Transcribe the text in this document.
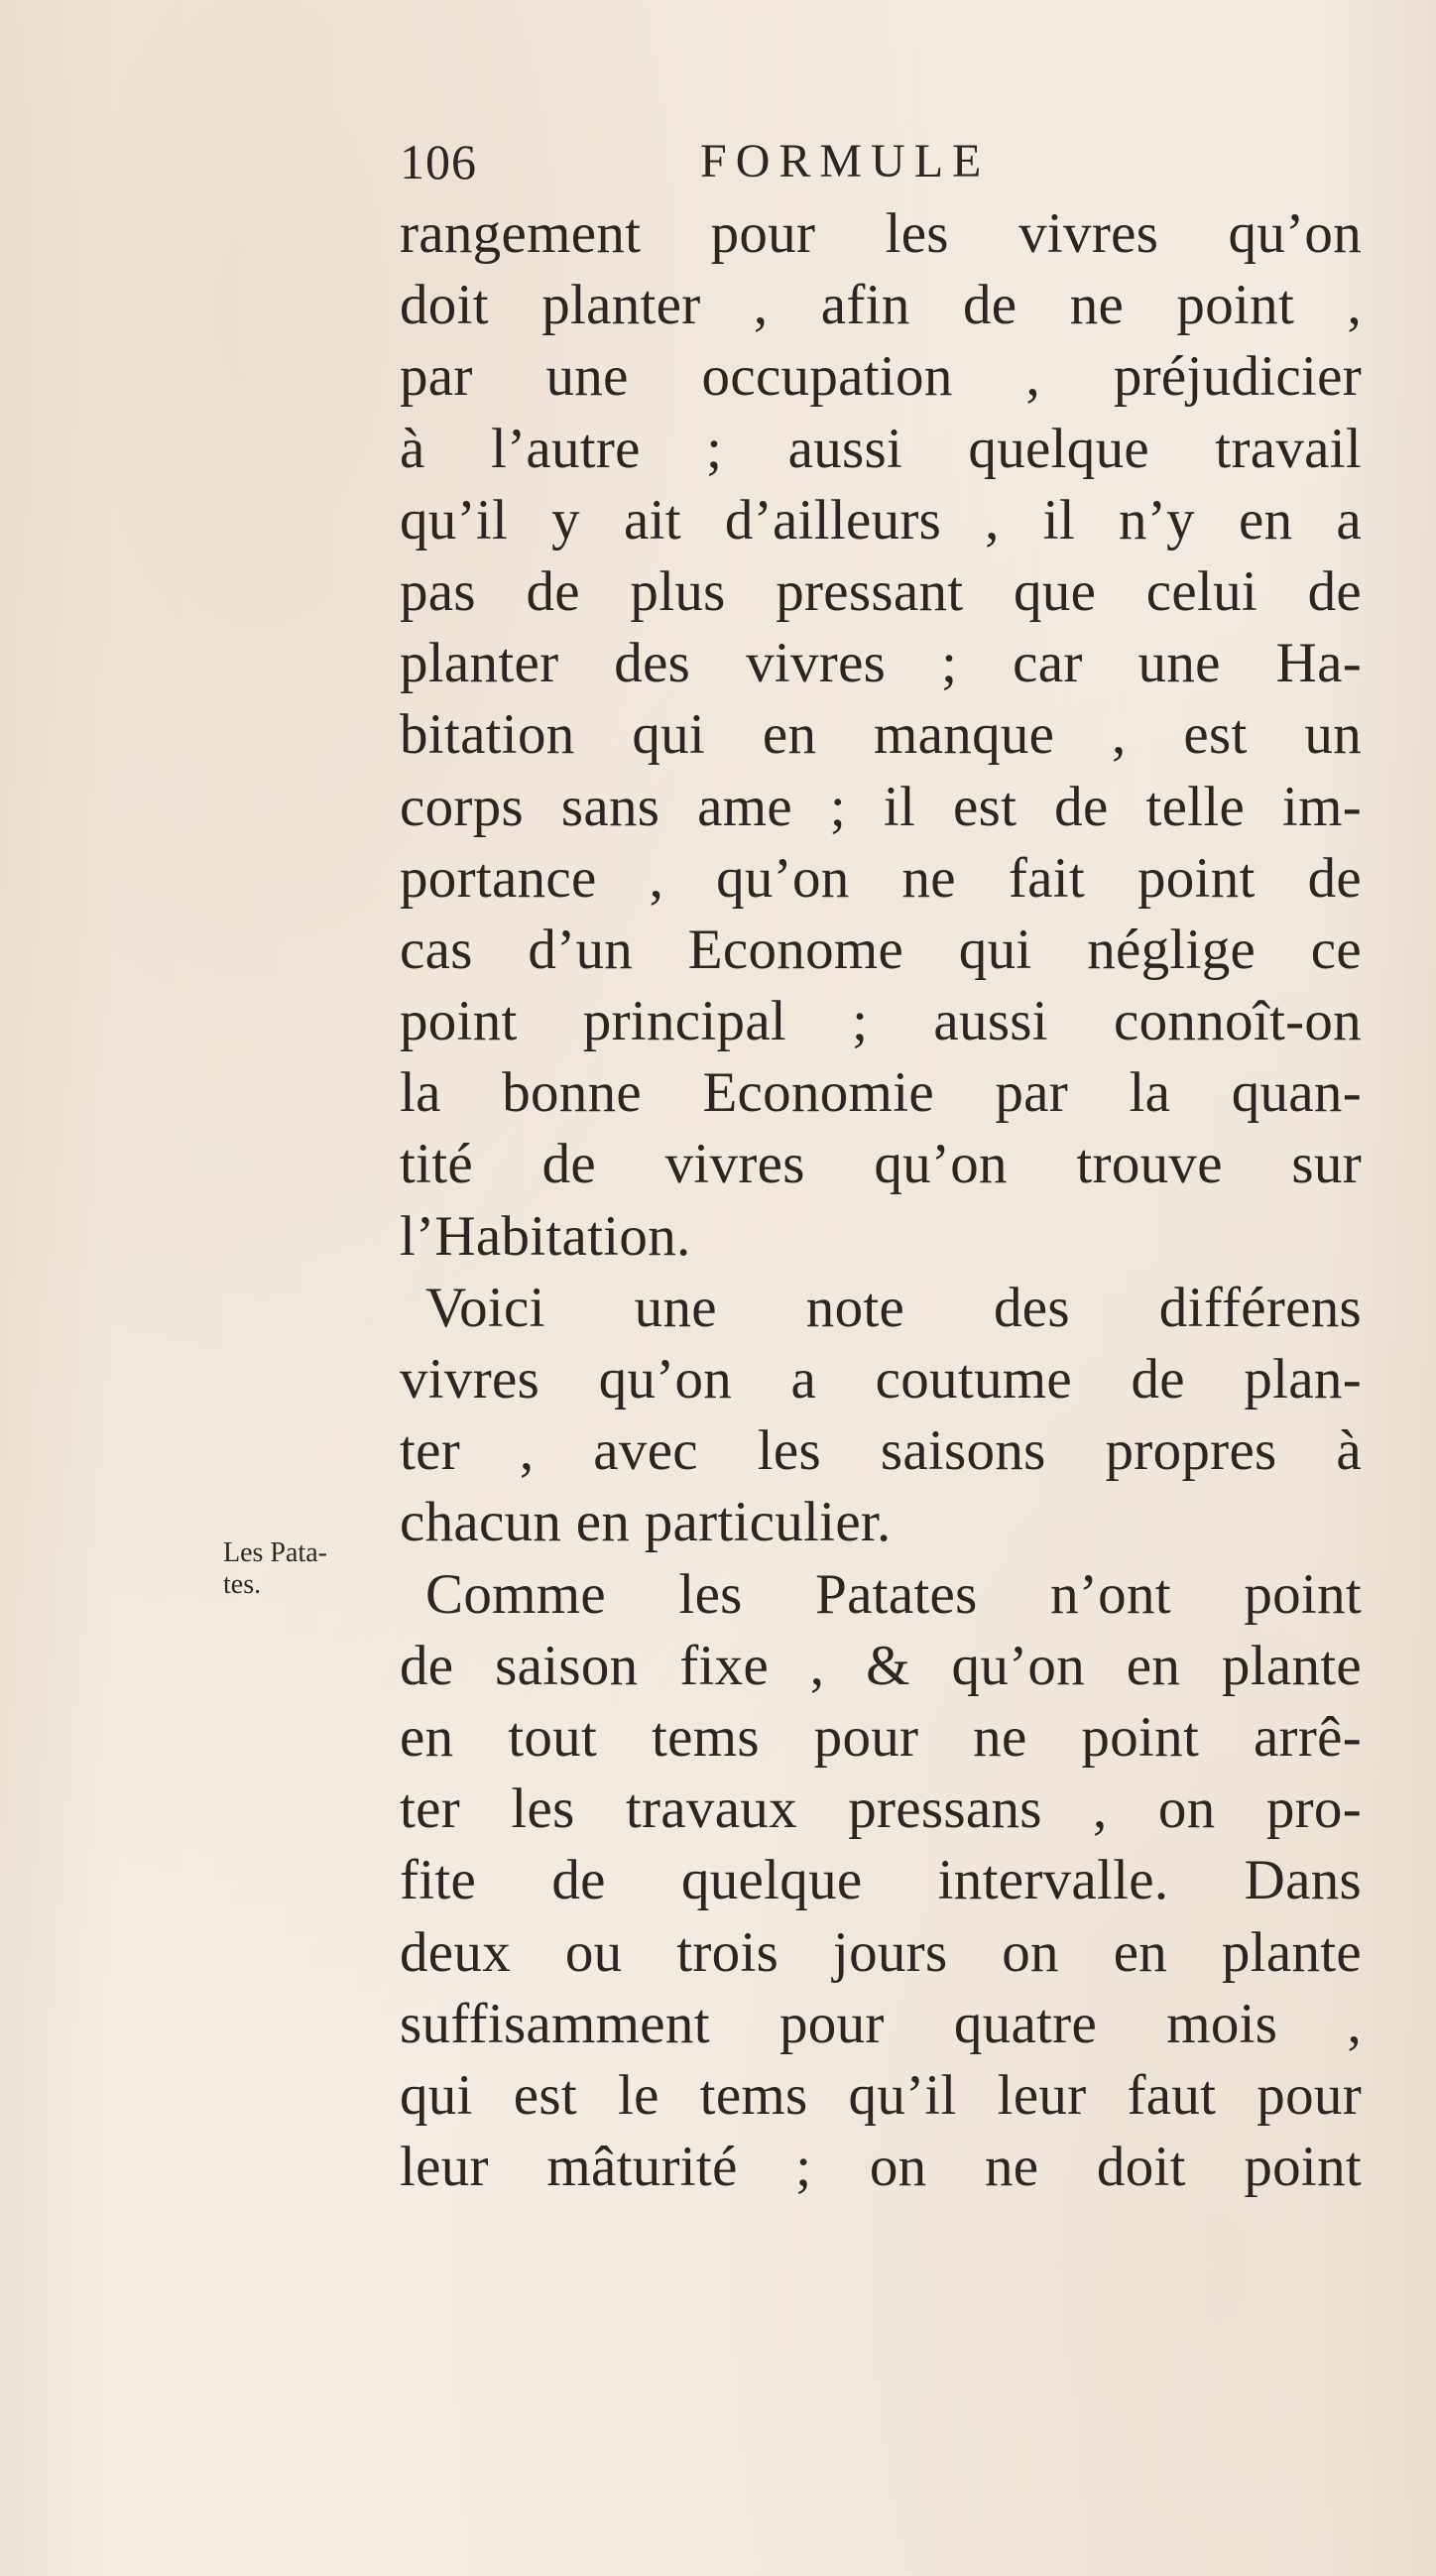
106	FORMULE
Les Pata-
tes.
rangement pour les vivres qu’on
doit planter , afin de ne point ,
par une occupation , préjudicier
à l’autre ; aussi quelque travail
qu’il y ait d’ailleurs , il n’y en a
pas de plus pressant que celui de
planter des vivres ; car une Ha-
bitation qui en manque , est un
corps sans ame ; il est de telle im-
portance , qu’on ne fait point de
cas d’un Econome qui néglige ce
point principal ; aussi connoît-on
la bonne Economie par la quan-
tité de vivres qu’on trouve sur
l’Habitation.
Voici une note des différens
vivres qu’on a coutume de plan-
ter , avec les saisons propres à
chacun en particulier.
Comme les Patates n’ont point
de saison fixe , & qu’on en plante
en tout tems pour ne point arrê-
ter les travaux pressans , on pro-
fite de quelque intervalle. Dans
deux ou trois jours on en plante
suffisamment pour quatre mois ,
qui est le tems qu’il leur faut pour
leur mâturité ; on ne doit point
